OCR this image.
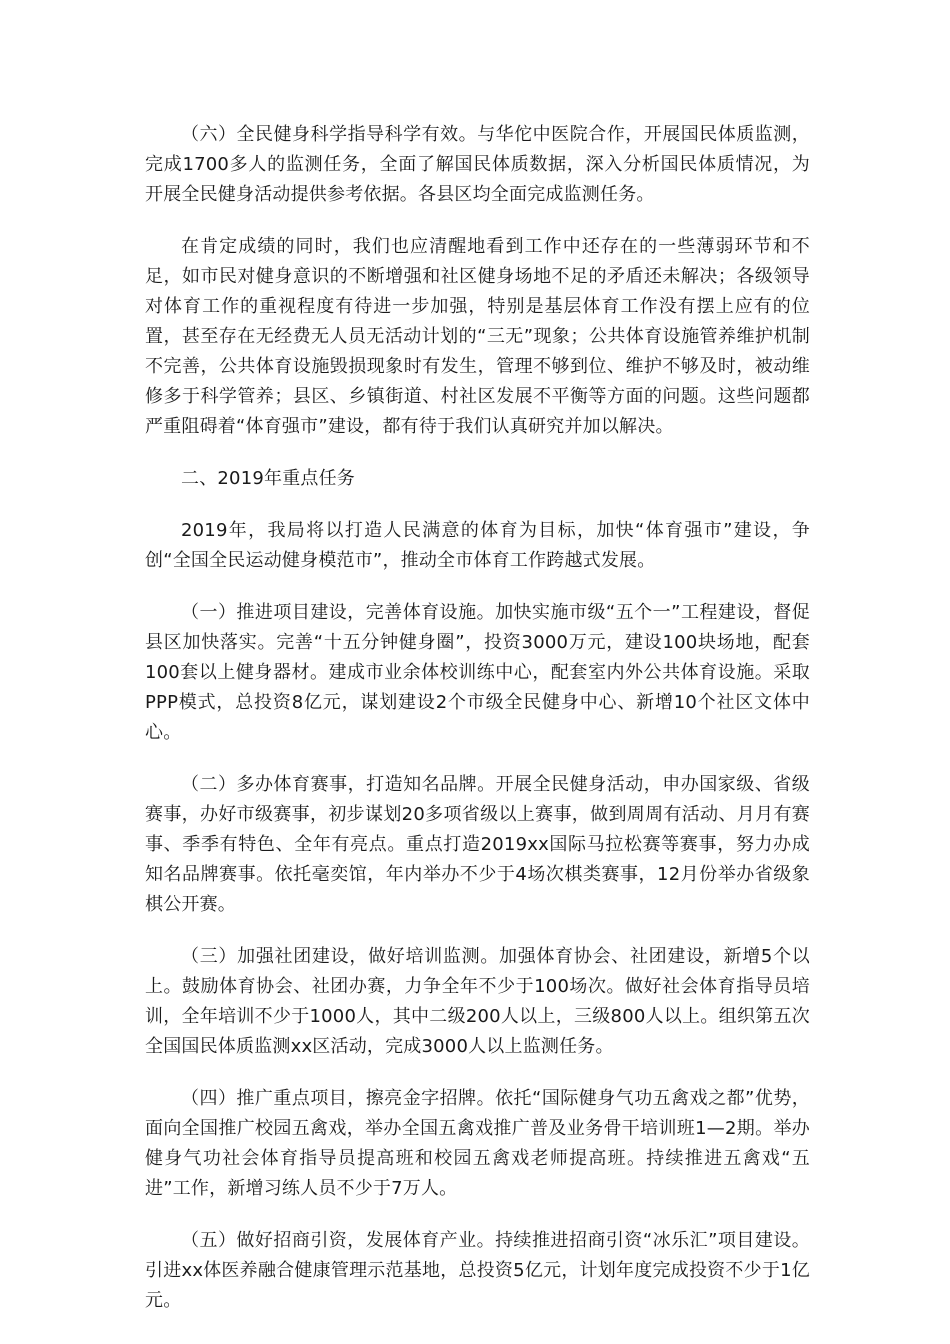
（六）全民健身科学指导科学有效。与华佗中医院合作，开展国民体质监测，完成1700多人的监测任务，全面了解国民体质数据，深入分析国民体质情况，为开展全民健身活动提供参考依据。各县区均全面完成监测任务。

在肯定成绩的同时，我们也应清醒地看到工作中还存在的一些薄弱环节和不足，如市民对健身意识的不断增强和社区健身场地不足的矛盾还未解决；各级领导对体育工作的重视程度有待进一步加强，特别是基层体育工作没有摆上应有的位置，甚至存在无经费无人员无活动计划的“三无”现象；公共体育设施管养维护机制不完善，公共体育设施毁损现象时有发生，管理不够到位、维护不够及时，被动维修多于科学管养；县区、乡镇街道、村社区发展不平衡等方面的问题。这些问题都严重阻碍着“体育强市”建设，都有待于我们认真研究并加以解决。

二、2019年重点任务

2019年，我局将以打造人民满意的体育为目标，加快“体育强市”建设，争创“全国全民运动健身模范市”，推动全市体育工作跨越式发展。

（一）推进项目建设，完善体育设施。加快实施市级“五个一”工程建设，督促县区加快落实。完善“十五分钟健身圈”，投资3000万元，建设100块场地，配套100套以上健身器材。建成市业余体校训练中心，配套室内外公共体育设施。采取PPP模式，总投资8亿元，谋划建设2个市级全民健身中心、新增10个社区文体中心。

（二）多办体育赛事，打造知名品牌。开展全民健身活动，申办国家级、省级赛事，办好市级赛事，初步谋划20多项省级以上赛事，做到周周有活动、月月有赛事、季季有特色、全年有亮点。重点打造2019xx国际马拉松赛等赛事，努力办成知名品牌赛事。依托毫奕馆，年内举办不少于4场次棋类赛事，12月份举办省级象棋公开赛。

（三）加强社团建设，做好培训监测。加强体育协会、社团建设，新增5个以上。鼓励体育协会、社团办赛，力争全年不少于100场次。做好社会体育指导员培训，全年培训不少于1000人，其中二级200人以上，三级800人以上。组织第五次全国国民体质监测xx区活动，完成3000人以上监测任务。

（四）推广重点项目，擦亮金字招牌。依托“国际健身气功五禽戏之都”优势，面向全国推广校园五禽戏，举办全国五禽戏推广普及业务骨干培训班1—2期。举办健身气功社会体育指导员提高班和校园五禽戏老师提高班。持续推进五禽戏“五进”工作，新增习练人员不少于7万人。

（五）做好招商引资，发展体育产业。持续推进招商引资“冰乐汇”项目建设。引进xx体医养融合健康管理示范基地，总投资5亿元，计划年度完成投资不少于1亿元。
